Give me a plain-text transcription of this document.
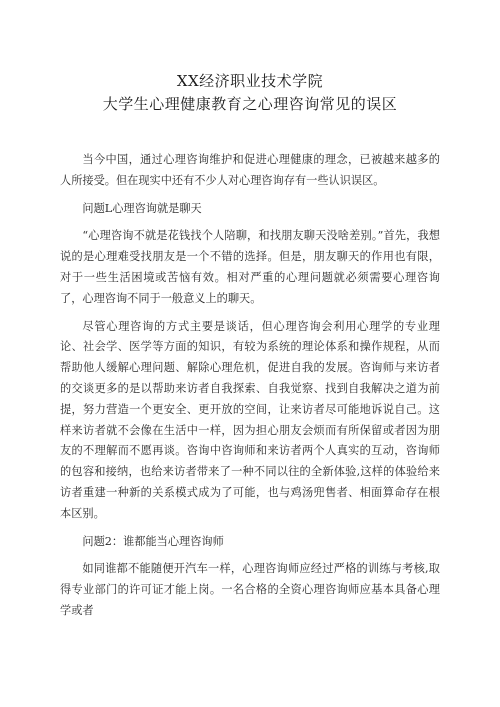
XX经济职业技术学院
大学生心理健康教育之心理咨询常见的误区

当今中国，通过心理咨询维护和促进心理健康的理念，已被越来越多的人所接受。但在现实中还有不少人对心理咨询存有一些认识误区。

问题L心理咨询就是聊天

“心理咨询不就是花钱找个人陪聊，和找朋友聊天没啥差别。”首先，我想说的是心理难受找朋友是一个不错的选择。但是，朋友聊天的作用也有限，对于一些生活困境或苦恼有效。相对严重的心理问题就必须需要心理咨询了，心理咨询不同于一般意义上的聊天。

尽管心理咨询的方式主要是谈话，但心理咨询会利用心理学的专业理论、社会学、医学等方面的知识，有较为系统的理论体系和操作规程，从而帮助他人缓解心理问题、解除心理危机，促进自我的发展。咨询师与来访者的交谈更多的是以帮助来访者自我探索、自我觉察、找到自我解决之道为前提，努力营造一个更安全、更开放的空间，让来访者尽可能地诉说自己。这样来访者就不会像在生活中一样，因为担心朋友会烦而有所保留或者因为朋友的不理解而不愿再谈。咨询中咨询师和来访者两个人真实的互动，咨询师的包容和接纳，也给来访者带来了一种不同以往的全新体验,这样的体验给来访者重建一种新的关系模式成为了可能，也与鸡汤兜售者、相面算命存在根本区别。

问题2：谁都能当心理咨询师

如同谁都不能随便开汽车一样，心理咨询师应经过严格的训练与考核,取得专业部门的许可证才能上岗。一名合格的全资心理咨询师应基本具备心理学或者
